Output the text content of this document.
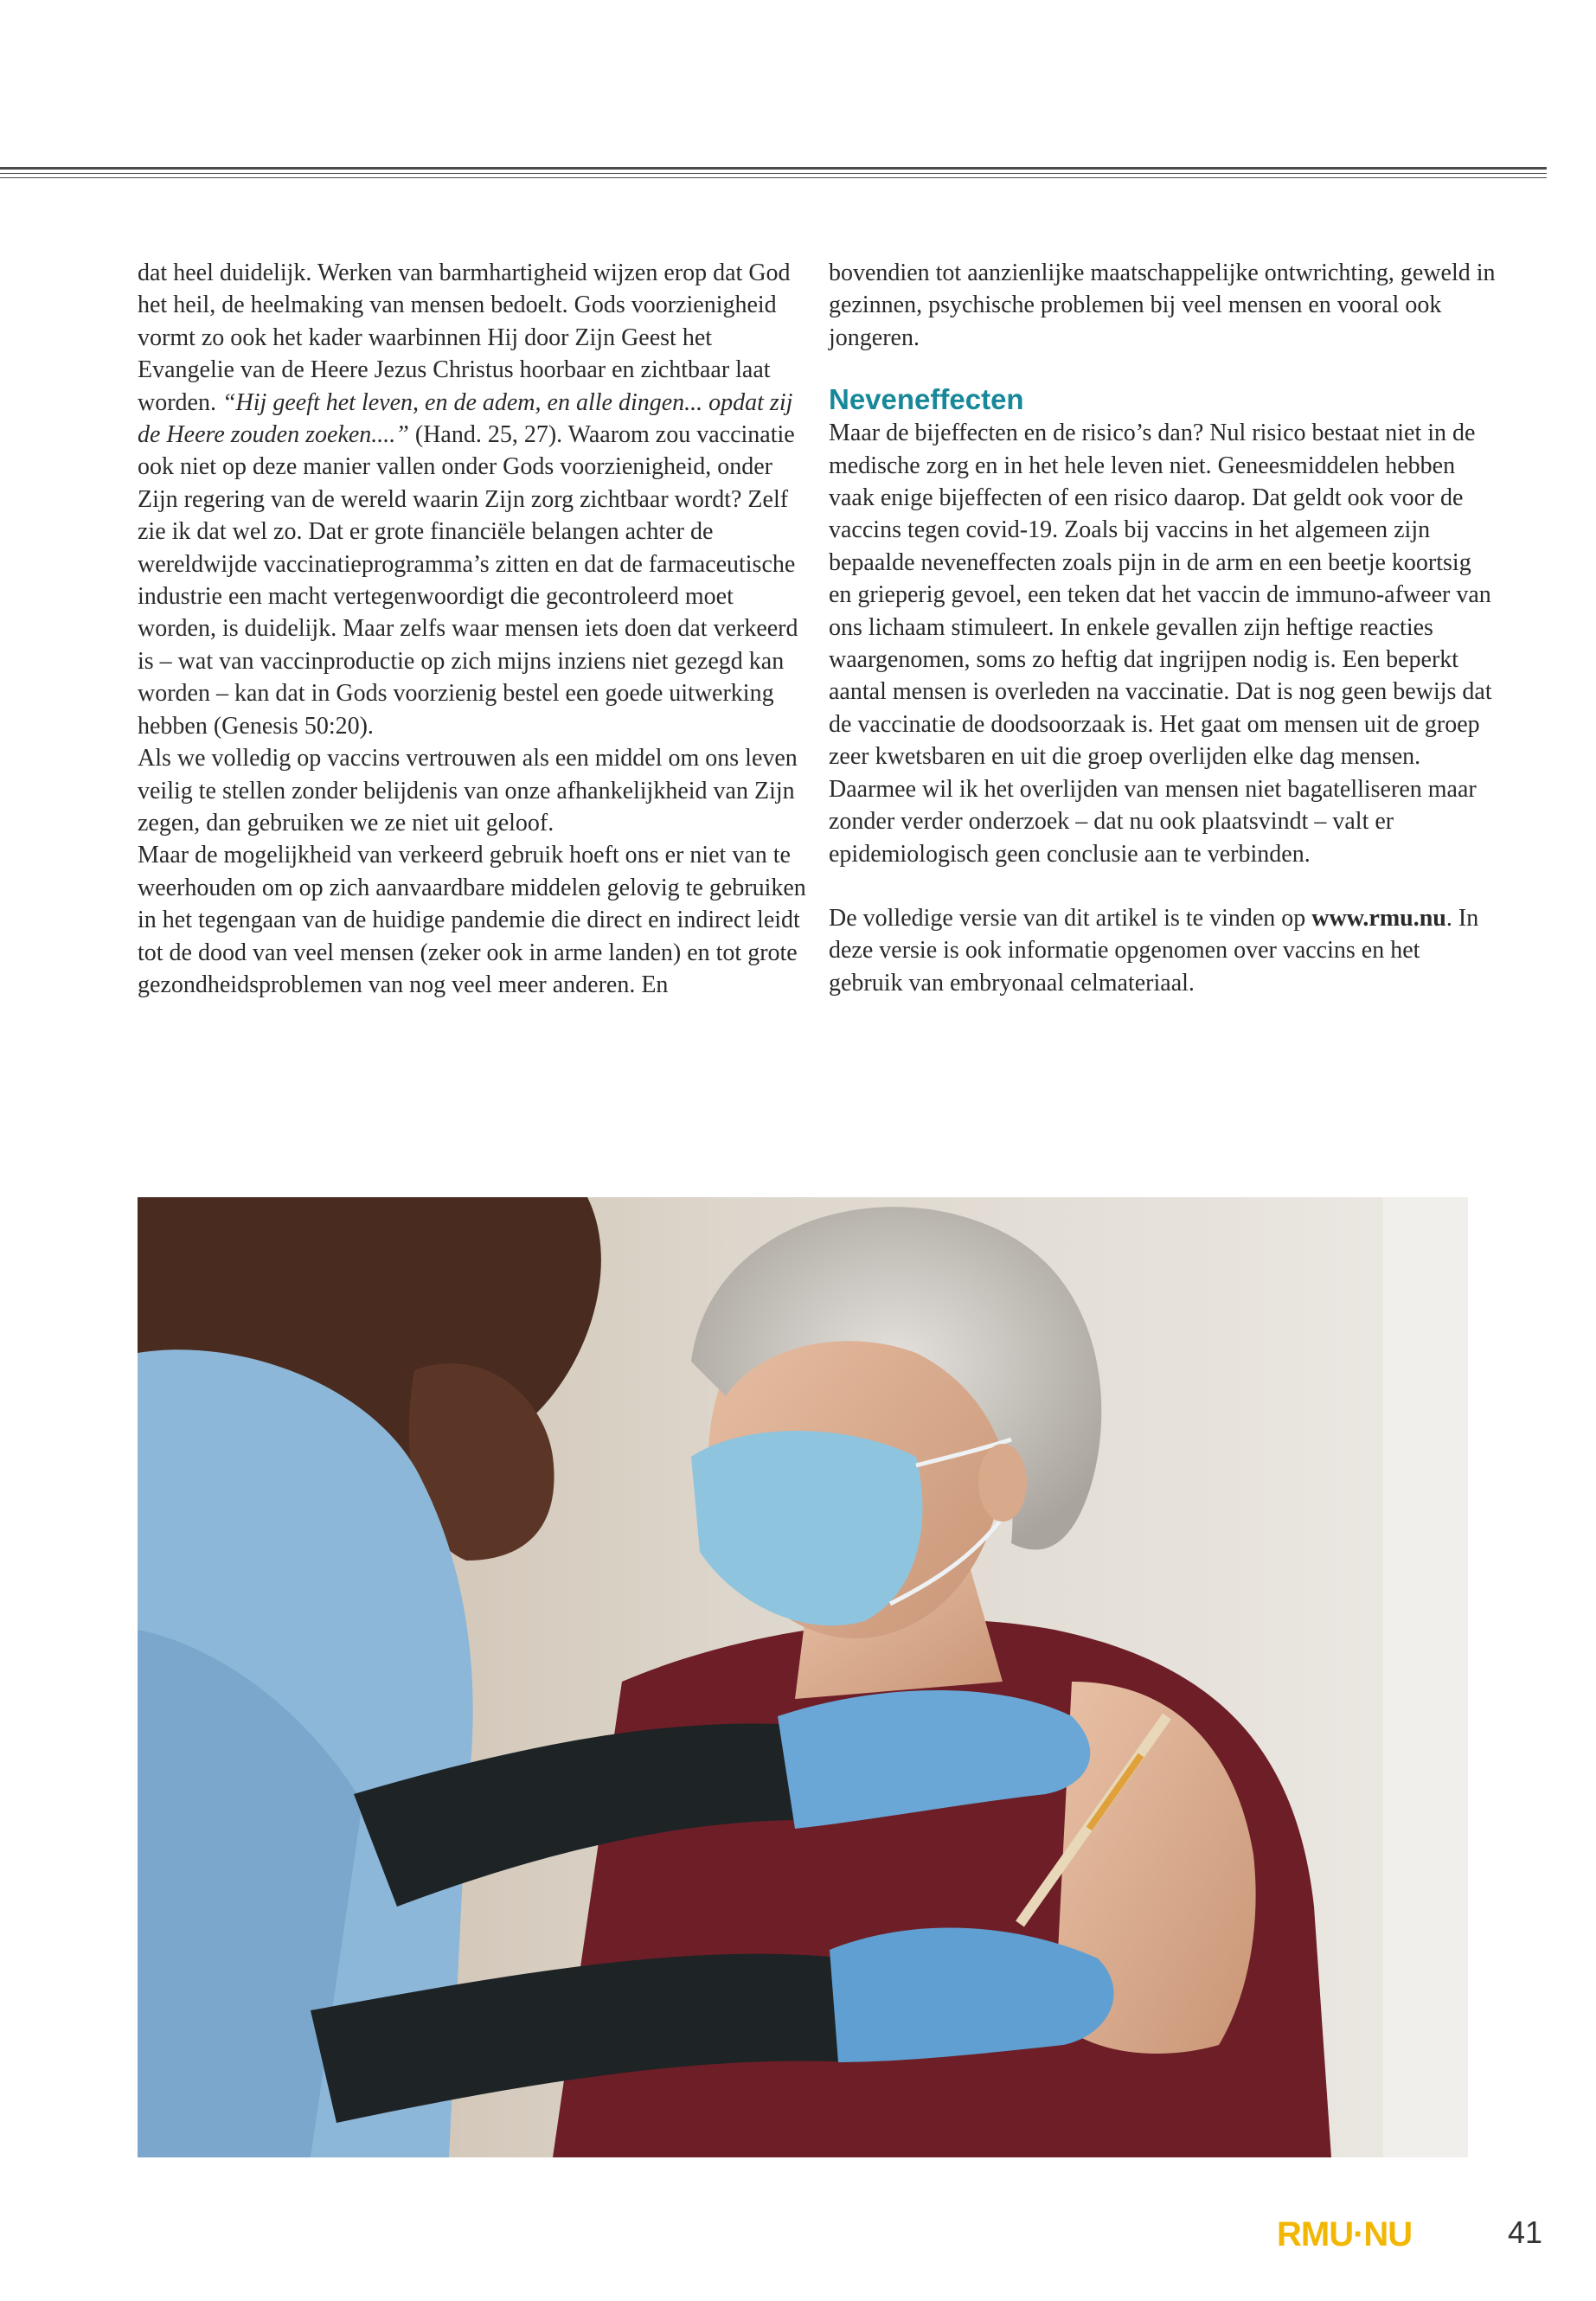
dat heel duidelijk. Werken van barmhartigheid wijzen erop dat God het heil, de heelmaking van mensen bedoelt. Gods voorzienigheid vormt zo ook het kader waarbinnen Hij door Zijn Geest het Evangelie van de Heere Jezus Christus hoorbaar en zichtbaar laat worden. “Hij geeft het leven, en de adem, en alle dingen... opdat zij de Heere zouden zoeken....” (Hand. 25, 27). Waarom zou vaccinatie ook niet op deze manier vallen onder Gods voorzienigheid, onder Zijn regering van de wereld waarin Zijn zorg zichtbaar wordt? Zelf zie ik dat wel zo. Dat er grote financiële belangen achter de wereldwijde vaccinatieprogramma’s zitten en dat de farmaceutische industrie een macht vertegenwoordigt die gecontroleerd moet worden, is duidelijk. Maar zelfs waar mensen iets doen dat verkeerd is – wat van vaccinproductie op zich mijns inziens niet gezegd kan worden – kan dat in Gods voorzienig bestel een goede uitwerking hebben (Genesis 50:20).

Als we volledig op vaccins vertrouwen als een middel om ons leven veilig te stellen zonder belijdenis van onze afhankelijkheid van Zijn zegen, dan gebruiken we ze niet uit geloof.

Maar de mogelijkheid van verkeerd gebruik hoeft ons er niet van te weerhouden om op zich aanvaardbare middelen gelovig te gebruiken in het tegengaan van de huidige pandemie die direct en indirect leidt tot de dood van veel mensen (zeker ook in arme landen) en tot grote gezondheidsproblemen van nog veel meer anderen. En

bovendien tot aanzienlijke maatschappelijke ontwrichting, geweld in gezinnen, psychische problemen bij veel mensen en vooral ook jongeren.

Neveneffecten

Maar de bijeffecten en de risico’s dan? Nul risico bestaat niet in de medische zorg en in het hele leven niet. Geneesmiddelen hebben vaak enige bijeffecten of een risico daarop. Dat geldt ook voor de vaccins tegen covid-19. Zoals bij vaccins in het algemeen zijn bepaalde neveneffecten zoals pijn in de arm en een beetje koortsig en grieperig gevoel, een teken dat het vaccin de immuno-afweer van ons lichaam stimuleert. In enkele gevallen zijn heftige reacties waargenomen, soms zo heftig dat ingrijpen nodig is. Een beperkt aantal mensen is overleden na vaccinatie. Dat is nog geen bewijs dat de vaccinatie de doodsoorzaak is. Het gaat om mensen uit de groep zeer kwetsbaren en uit die groep overlijden elke dag mensen. Daarmee wil ik het overlijden van mensen niet bagatelliseren maar zonder verder onderzoek – dat nu ook plaatsvindt – valt er epidemiologisch geen conclusie aan te verbinden.

De volledige versie van dit artikel is te vinden op www.rmu.nu. In deze versie is ook informatie opgenomen over vaccins en het gebruik van embryonaal celmateriaal.

RMU·NU	41
